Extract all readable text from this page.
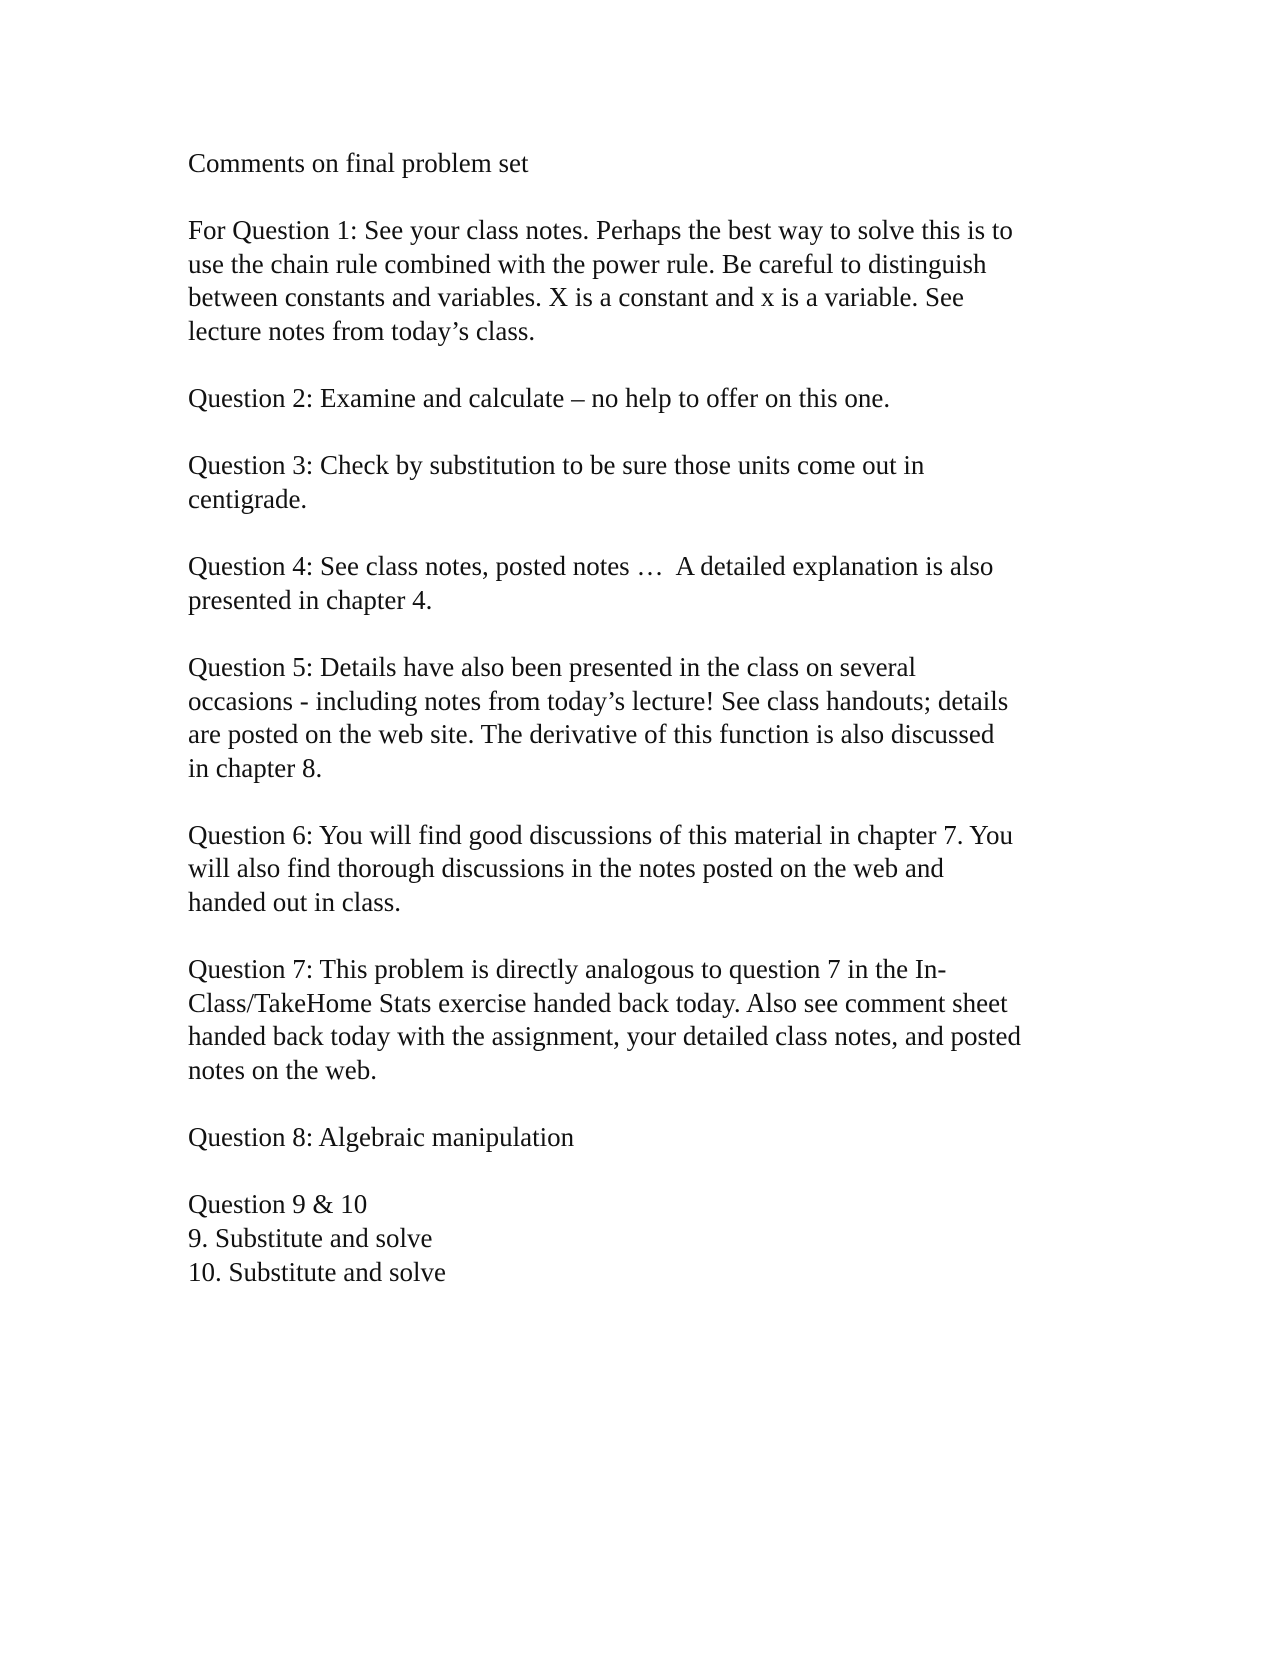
Comments on final problem set
For Question 1: See your class notes. Perhaps the best way to solve this is to
use the chain rule combined with the power rule. Be careful to distinguish
between constants and variables. X is a constant and x is a variable. See
lecture notes from today’s class.
Question 2: Examine and calculate – no help to offer on this one.
Question 3: Check by substitution to be sure those units come out in
centigrade.
Question 4: See class notes, posted notes …  A detailed explanation is also
presented in chapter 4.
Question 5: Details have also been presented in the class on several
occasions - including notes from today’s lecture! See class handouts; details
are posted on the web site. The derivative of this function is also discussed
in chapter 8.
Question 6: You will find good discussions of this material in chapter 7. You
will also find thorough discussions in the notes posted on the web and
handed out in class.
Question 7: This problem is directly analogous to question 7 in the In-
Class/TakeHome Stats exercise handed back today. Also see comment sheet
handed back today with the assignment, your detailed class notes, and posted
notes on the web.
Question 8: Algebraic manipulation
Question 9 & 10
9. Substitute and solve
10. Substitute and solve
